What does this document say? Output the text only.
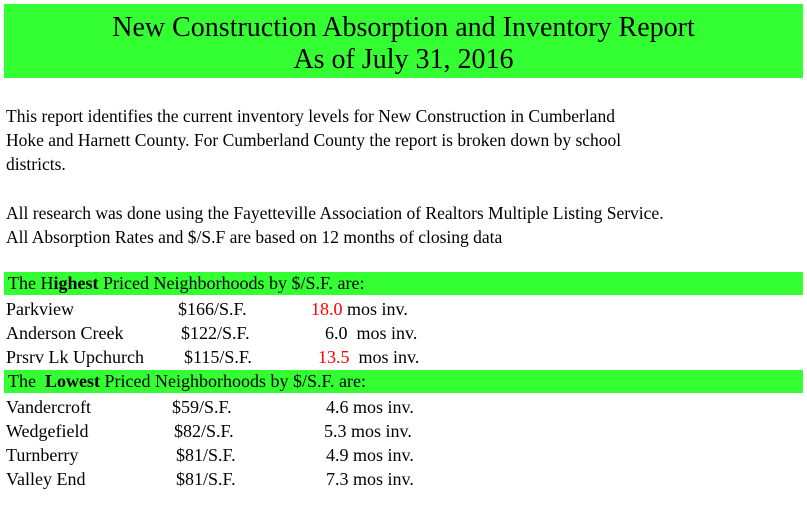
New Construction Absorption and Inventory Report
As of July 31, 2016

This report identifies the current inventory levels for New Construction in Cumberland
Hoke and Harnett County. For Cumberland County the report is broken down by school
districts.

All research was done using the Fayetteville Association of Realtors Multiple Listing Service.
All Absorption Rates and $/S.F are based on 12 months of closing data

The Highest Priced Neighborhoods by $/S.F. are:
Parkview	$166/S.F.	18.0 mos inv.
Anderson Creek	$122/S.F.	6.0  mos inv.
Prsrv Lk Upchurch $115/S.F.	13.5  mos inv.
The  Lowest Priced Neighborhoods by $/S.F. are:
Vandercroft	$59/S.F.	4.6 mos inv.
Wedgefield	$82/S.F.	5.3 mos inv.
Turnberry	$81/S.F.	4.9 mos inv.
Valley End	$81/S.F.	7.3 mos inv.
